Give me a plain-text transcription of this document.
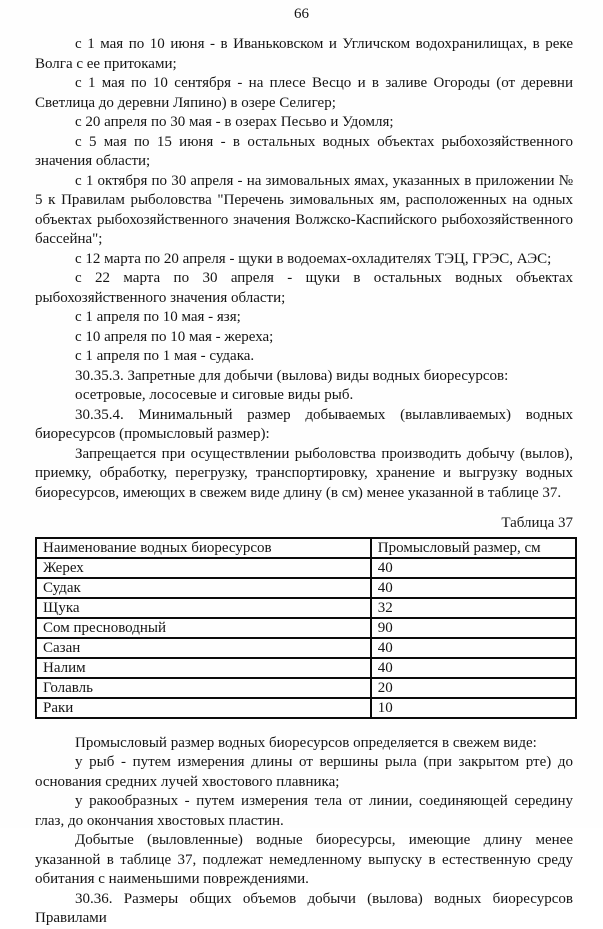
66

с 1 мая по 10 июня - в Иваньковском и Угличском водохранилищах, в реке Волга с ее притоками;

с 1 мая по 10 сентября - на плесе Весцо и в заливе Огороды (от деревни Светлица до деревни Ляпино) в озере Селигер;

с 20 апреля по 30 мая - в озерах Песьво и Удомля;

с 5 мая по 15 июня - в остальных водных объектах рыбохозяйственного значения области;

с 1 октября по 30 апреля - на зимовальных ямах, указанных в приложении № 5 к Правилам рыболовства "Перечень зимовальных ям, расположенных на одных объектах рыбохозяйственного значения Волжско-Каспийского рыбохозяйственного бассейна";

с 12 марта по 20 апреля - щуки в водоемах-охладителях ТЭЦ, ГРЭС, АЭС;

с 22 марта по 30 апреля - щуки в остальных водных объектах рыбохозяйственного значения области;

с 1 апреля по 10 мая - язя;

с 10 апреля по 10 мая - жереха;

с 1 апреля по 1 мая - судака.

30.35.3. Запретные для добычи (вылова) виды водных биоресурсов:

осетровые, лососевые и сиговые виды рыб.

30.35.4. Минимальный размер добываемых (вылавливаемых) водных биоресурсов (промысловый размер):

Запрещается при осуществлении рыболовства производить добычу (вылов), приемку, обработку, перегрузку, транспортировку, хранение и выгрузку водных биоресурсов, имеющих в свежем виде длину (в см) менее указанной в таблице 37.

Таблица 37
Наименование водных биоресурсов	Промысловый размер, см
Жерех	40
Судак	40
Щука	32
Сом пресноводный	90
Сазан	40
Налим	40
Голавль	20
Раки	10

Промысловый размер водных биоресурсов определяется в свежем виде:

у рыб - путем измерения длины от вершины рыла (при закрытом рте) до основания средних лучей хвостового плавника;

у ракообразных - путем измерения тела от линии, соединяющей середину глаз, до окончания хвостовых пластин.

Добытые (выловленные) водные биоресурсы, имеющие длину менее указанной в таблице 37, подлежат немедленному выпуску в естественную среду обитания с наименьшими повреждениями.

30.36. Размеры общих объемов добычи (вылова) водных биоресурсов Правилами
